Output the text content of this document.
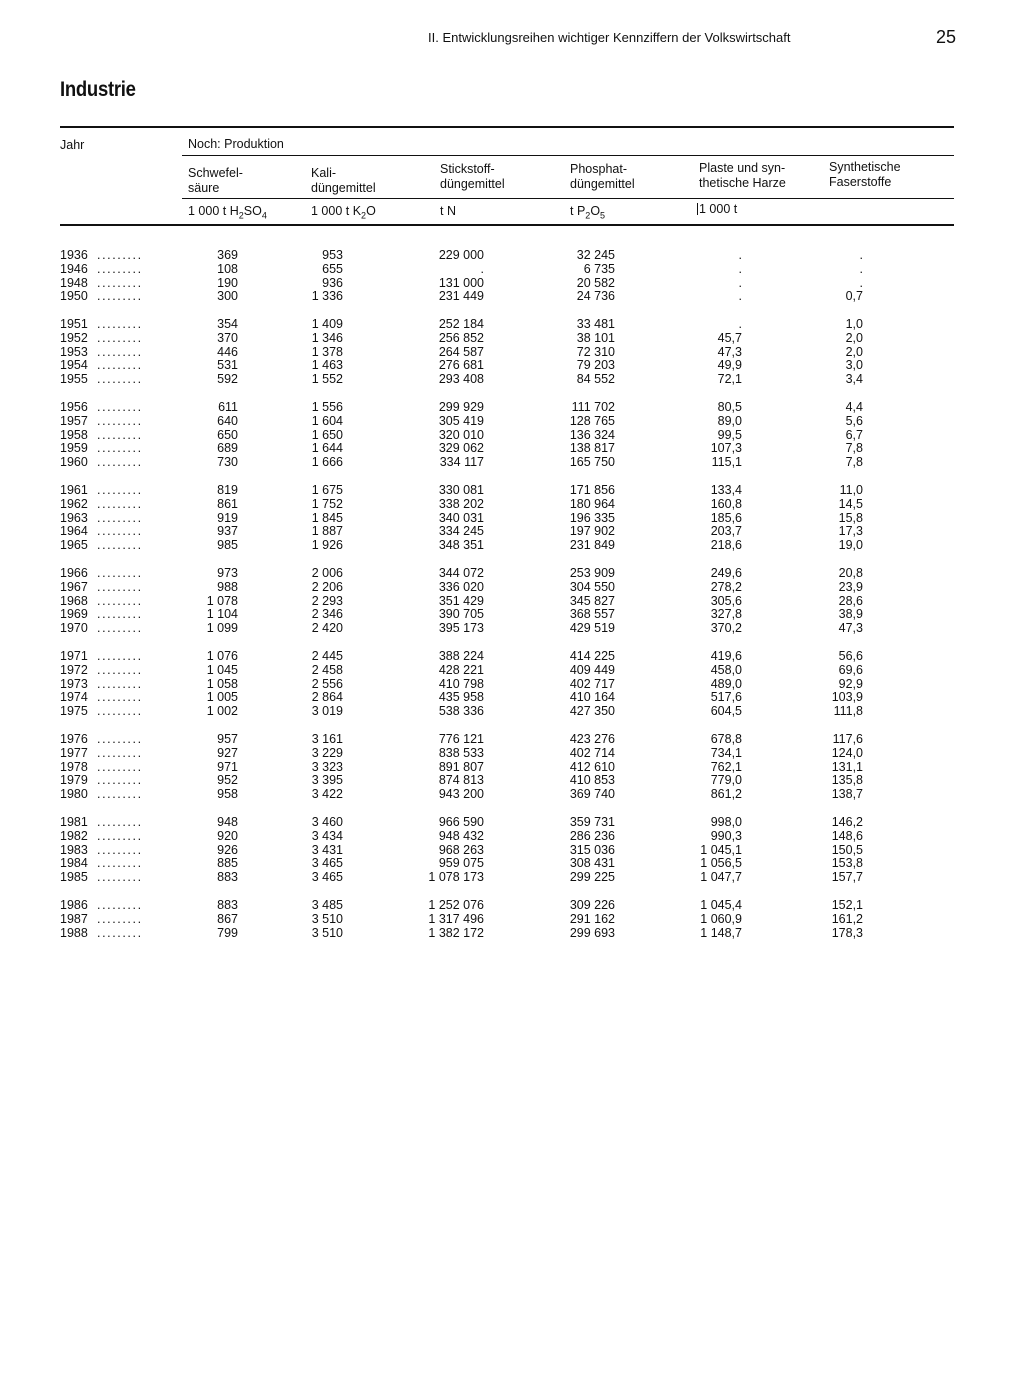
II. Entwicklungsreihen wichtiger Kennziffern der Volkswirtschaft	25
Industrie
Jahr	Noch: Produktion
Schwefel-
säure
Kali-
düngemittel
Stickstoff-
düngemittel
Phosphat-
düngemittel
Plaste und syn-
thetische Harze
Synthetische
Faserstoffe
1 000 t $H_2SO_4$	1 000 t $K_2O$	t N	t $P_2O_5$	1 000 t
1936 .........	369	953	229 000	32 245	.	.
1946 .........	108	655	.	6 735	.	.
1948 .........	190	936	131 000	20 582	.	.
1950 .........	300	1 336	231 449	24 736	.	0,7
1951 .........	354	1 409	252 184	33 481	.	1,0
1952 .........	370	1 346	256 852	38 101	45,7	2,0
1953 .........	446	1 378	264 587	72 310	47,3	2,0
1954 .........	531	1 463	276 681	79 203	49,9	3,0
1955 .........	592	1 552	293 408	84 552	72,1	3,4
1956 .........	611	1 556	299 929	111 702	80,5	4,4
1957 .........	640	1 604	305 419	128 765	89,0	5,6
1958 .........	650	1 650	320 010	136 324	99,5	6,7
1959 .........	689	1 644	329 062	138 817	107,3	7,8
1960 .........	730	1 666	334 117	165 750	115,1	7,8
1961 .........	819	1 675	330 081	171 856	133,4	11,0
1962 .........	861	1 752	338 202	180 964	160,8	14,5
1963 .........	919	1 845	340 031	196 335	185,6	15,8
1964 .........	937	1 887	334 245	197 902	203,7	17,3
1965 .........	985	1 926	348 351	231 849	218,6	19,0
1966 .........	973	2 006	344 072	253 909	249,6	20,8
1967 .........	988	2 206	336 020	304 550	278,2	23,9
1968 .........	1 078	2 293	351 429	345 827	305,6	28,6
1969 .........	1 104	2 346	390 705	368 557	327,8	38,9
1970 .........	1 099	2 420	395 173	429 519	370,2	47,3
1971 .........	1 076	2 445	388 224	414 225	419,6	56,6
1972 .........	1 045	2 458	428 221	409 449	458,0	69,6
1973 .........	1 058	2 556	410 798	402 717	489,0	92,9
1974 .........	1 005	2 864	435 958	410 164	517,6	103,9
1975 .........	1 002	3 019	538 336	427 350	604,5	111,8
1976 .........	957	3 161	776 121	423 276	678,8	117,6
1977 .........	927	3 229	838 533	402 714	734,1	124,0
1978 .........	971	3 323	891 807	412 610	762,1	131,1
1979 .........	952	3 395	874 813	410 853	779,0	135,8
1980 .........	958	3 422	943 200	369 740	861,2	138,7
1981 .........	948	3 460	966 590	359 731	998,0	146,2
1982 .........	920	3 434	948 432	286 236	990,3	148,6
1983 .........	926	3 431	968 263	315 036	1 045,1	150,5
1984 .........	885	3 465	959 075	308 431	1 056,5	153,8
1985 .........	883	3 465	1 078 173	299 225	1 047,7	157,7
1986 .........	883	3 485	1 252 076	309 226	1 045,4	152,1
1987 .........	867	3 510	1 317 496	291 162	1 060,9	161,2
1988 .........	799	3 510	1 382 172	299 693	1 148,7	178,3
